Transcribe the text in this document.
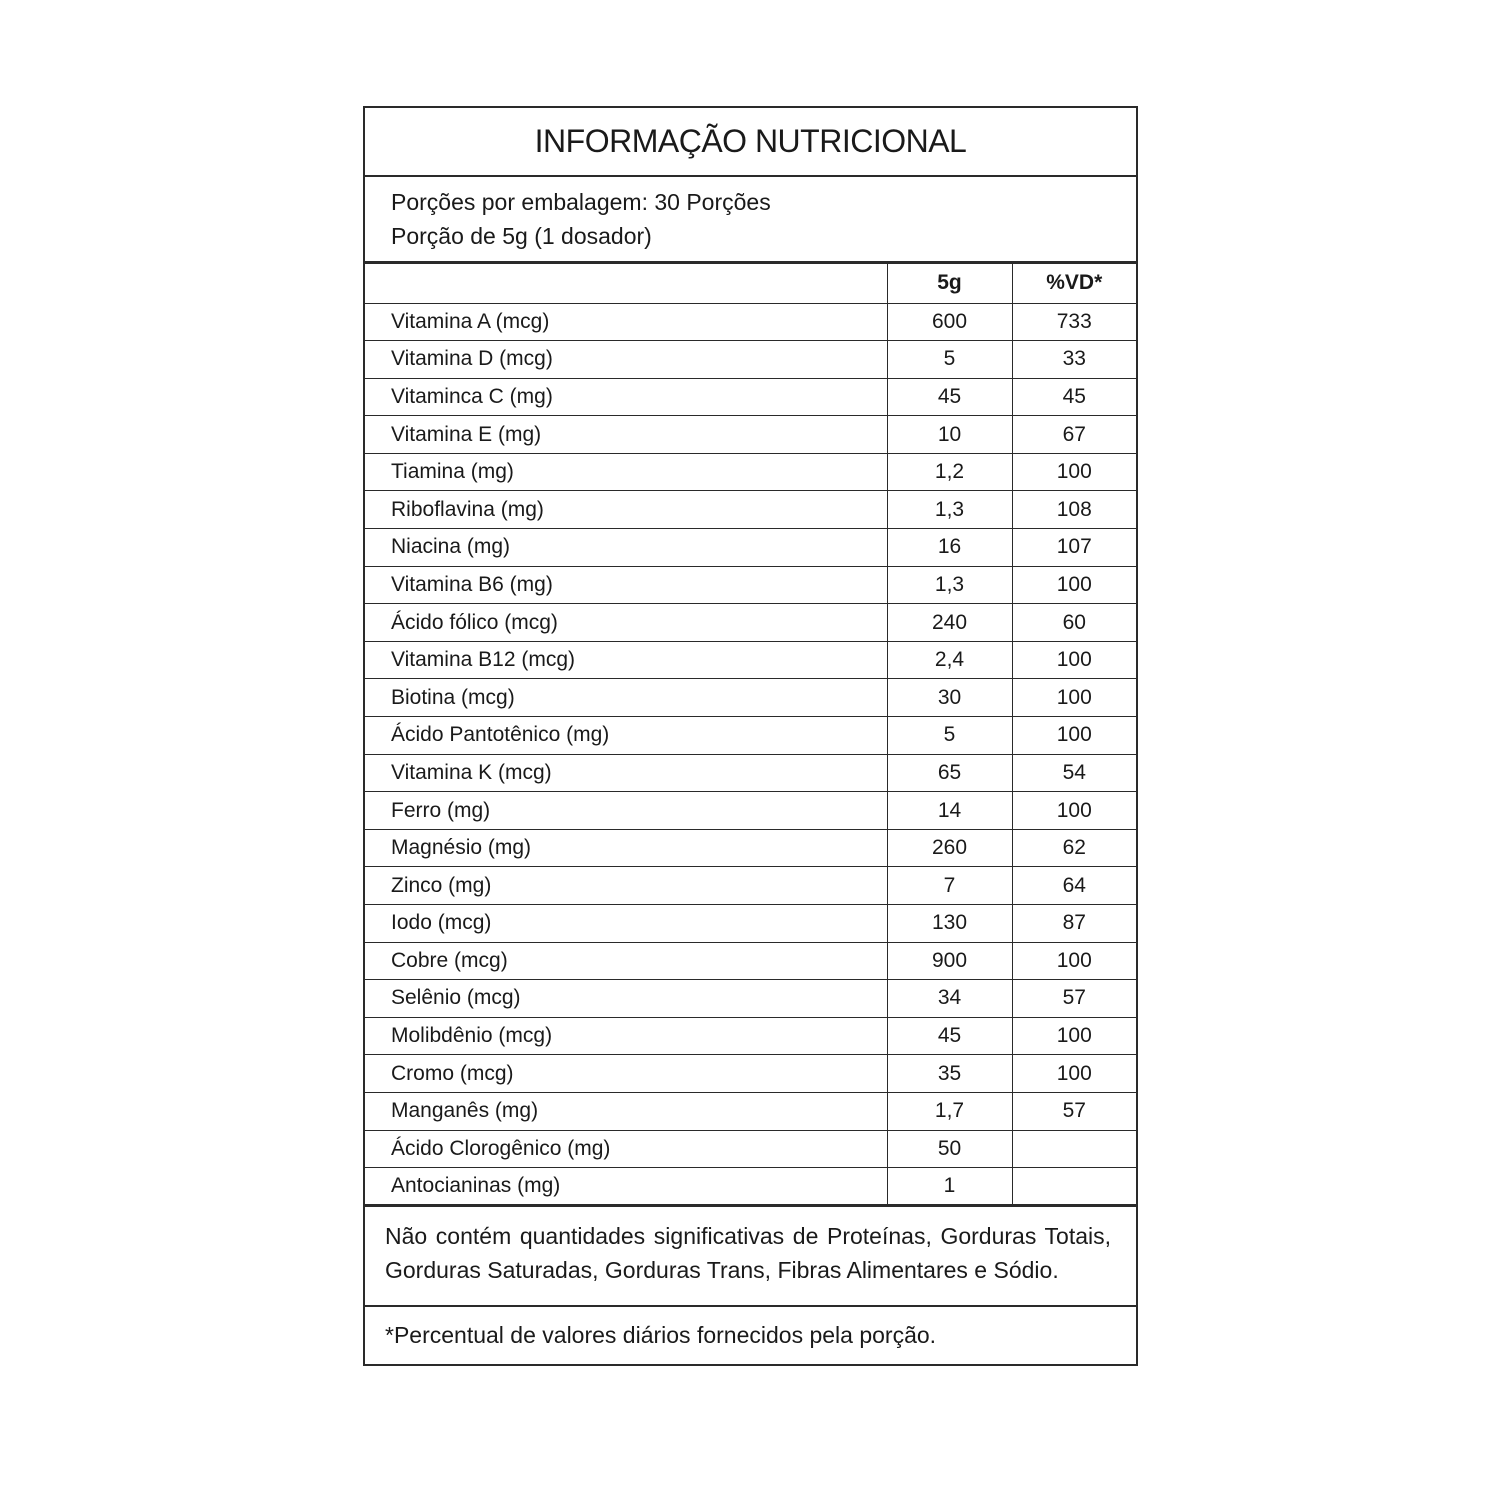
INFORMAÇÃO NUTRICIONAL
Porções por embalagem: 30 Porções
Porção de 5g (1 dosador)
	5g	%VD*
Vitamina A (mcg)	600	733
Vitamina D (mcg)	5	33
Vitaminca C (mg)	45	45
Vitamina E (mg)	10	67
Tiamina (mg)	1,2	100
Riboflavina (mg)	1,3	108
Niacina (mg)	16	107
Vitamina B6 (mg)	1,3	100
Ácido fólico (mcg)	240	60
Vitamina B12 (mcg)	2,4	100
Biotina (mcg)	30	100
Ácido Pantotênico (mg)	5	100
Vitamina K (mcg)	65	54
Ferro (mg)	14	100
Magnésio (mg)	260	62
Zinco (mg)	7	64
Iodo (mcg)	130	87
Cobre (mcg)	900	100
Selênio (mcg)	34	57
Molibdênio (mcg)	45	100
Cromo (mcg)	35	100
Manganês (mg)	1,7	57
Ácido Clorogênico (mg)	50	
Antocianinas (mg)	1	
Não contém quantidades significativas de Proteínas, Gorduras Totais, Gorduras Saturadas, Gorduras Trans, Fibras Alimentares e Sódio.
*Percentual de valores diários fornecidos pela porção.
